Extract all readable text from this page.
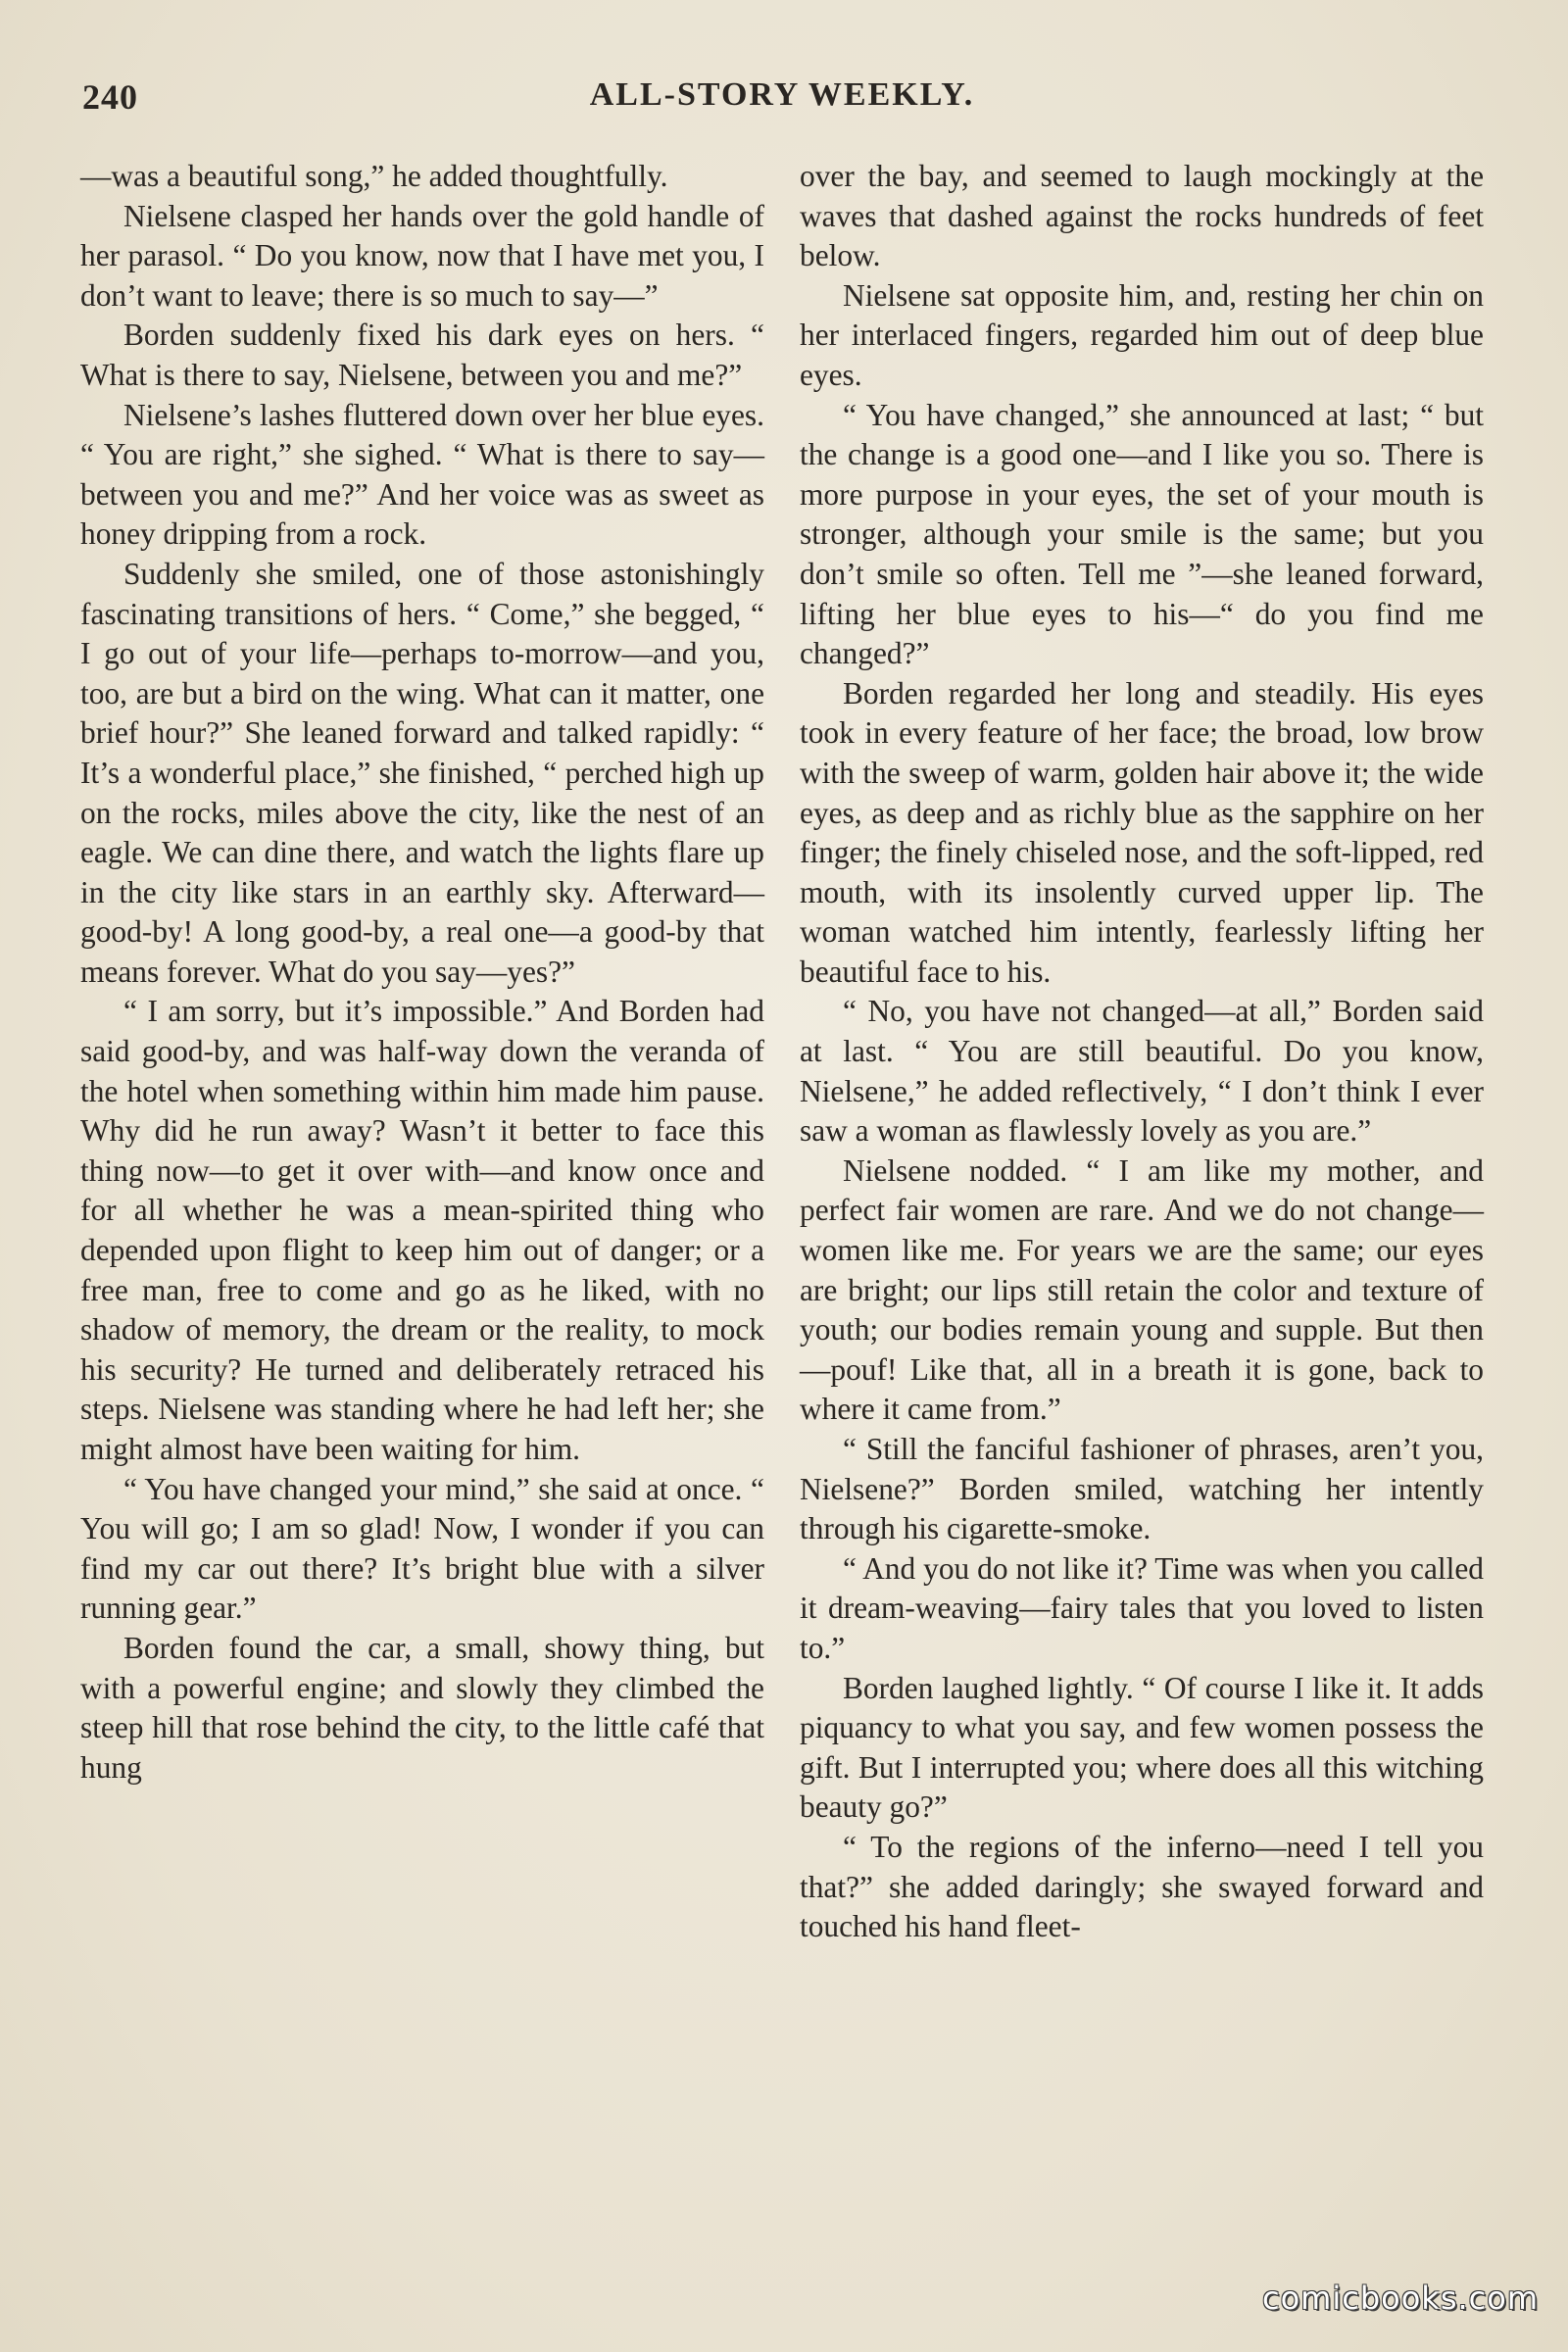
240	ALL-STORY WEEKLY.

—was a beautiful song,” he added thoughtfully.

Nielsene clasped her hands over the gold handle of her parasol. “ Do you know, now that I have met you, I don’t want to leave; there is so much to say—”

Borden suddenly fixed his dark eyes on hers. “ What is there to say, Nielsene, between you and me?”

Nielsene’s lashes fluttered down over her blue eyes. “ You are right,” she sighed. “ What is there to say—between you and me?” And her voice was as sweet as honey dripping from a rock.

Suddenly she smiled, one of those astonishingly fascinating transitions of hers. “ Come,” she begged, “ I go out of your life—perhaps to-morrow—and you, too, are but a bird on the wing. What can it matter, one brief hour?” She leaned forward and talked rapidly: “ It’s a wonderful place,” she finished, “ perched high up on the rocks, miles above the city, like the nest of an eagle. We can dine there, and watch the lights flare up in the city like stars in an earthly sky. Afterward—good-by! A long good-by, a real one—a good-by that means forever. What do you say—yes?”

“ I am sorry, but it’s impossible.” And Borden had said good-by, and was half-way down the veranda of the hotel when something within him made him pause. Why did he run away? Wasn’t it better to face this thing now—to get it over with—and know once and for all whether he was a mean-spirited thing who depended upon flight to keep him out of danger; or a free man, free to come and go as he liked, with no shadow of memory, the dream or the reality, to mock his security? He turned and deliberately retraced his steps. Nielsene was standing where he had left her; she might almost have been waiting for him.

“ You have changed your mind,” she said at once. “ You will go; I am so glad! Now, I wonder if you can find my car out there? It’s bright blue with a silver running gear.”

Borden found the car, a small, showy thing, but with a powerful engine; and slowly they climbed the steep hill that rose behind the city, to the little café that hung

over the bay, and seemed to laugh mockingly at the waves that dashed against the rocks hundreds of feet below.

Nielsene sat opposite him, and, resting her chin on her interlaced fingers, regarded him out of deep blue eyes.

“ You have changed,” she announced at last; “ but the change is a good one—and I like you so. There is more purpose in your eyes, the set of your mouth is stronger, although your smile is the same; but you don’t smile so often. Tell me ”—she leaned forward, lifting her blue eyes to his—“ do you find me changed?”

Borden regarded her long and steadily. His eyes took in every feature of her face; the broad, low brow with the sweep of warm, golden hair above it; the wide eyes, as deep and as richly blue as the sapphire on her finger; the finely chiseled nose, and the soft-lipped, red mouth, with its insolently curved upper lip. The woman watched him intently, fearlessly lifting her beautiful face to his.

“ No, you have not changed—at all,” Borden said at last. “ You are still beautiful. Do you know, Nielsene,” he added reflectively, “ I don’t think I ever saw a woman as flawlessly lovely as you are.”

Nielsene nodded. “ I am like my mother, and perfect fair women are rare. And we do not change—women like me. For years we are the same; our eyes are bright; our lips still retain the color and texture of youth; our bodies remain young and supple. But then—pouf! Like that, all in a breath it is gone, back to where it came from.”

“ Still the fanciful fashioner of phrases, aren’t you, Nielsene?” Borden smiled, watching her intently through his cigarette-smoke.

“ And you do not like it? Time was when you called it dream-weaving—fairy tales that you loved to listen to.”

Borden laughed lightly. “ Of course I like it. It adds piquancy to what you say, and few women possess the gift. But I interrupted you; where does all this witching beauty go?”

“ To the regions of the inferno—need I tell you that?” she added daringly; she swayed forward and touched his hand fleet-

comicbooks.com
